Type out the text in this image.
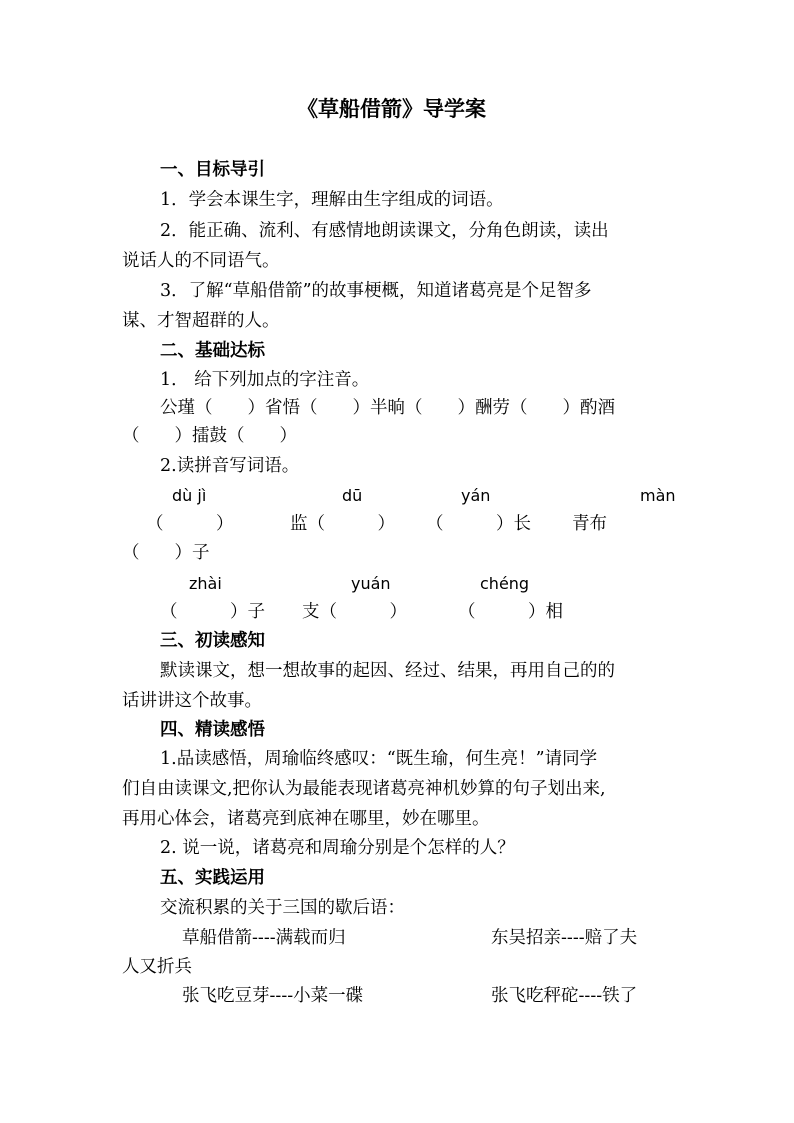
《草船借箭》导学案
一、目标导引
1．学会本课生字，理解由生字组成的词语。
2．能正确、流利、有感情地朗读课文，分角色朗读，读出
说话人的不同语气。
3．了解“草船借箭”的故事梗概，知道诸葛亮是个足智多
谋、才智超群的人。
二、基础达标
1． 给下列加点的字注音。
公瑾（　　）省悟（　　）半晌（　　）酬劳（　　）酌酒
（　　）擂鼓（　　）
2.读拼音写词语。
dù jì	dū	yán	màn
（　　　）	监（　　　） （　　　）长 青布
（　　）子
zhài	yuán	chéng
（　　　）子 支（　　　）	（　　　）相
三、初读感知
默读课文，想一想故事的起因、经过、结果，再用自己的的
话讲讲这个故事。
四、精读感悟
1.品读感悟，周瑜临终感叹：“既生瑜，何生亮！”请同学
们自由读课文,把你认为最能表现诸葛亮神机妙算的句子划出来,
再用心体会，诸葛亮到底神在哪里，妙在哪里。
2. 说一说，诸葛亮和周瑜分别是个怎样的人？
五、实践运用
交流积累的关于三国的歇后语：
草船借箭----满载而归	东吴招亲----赔了夫
人又折兵
张飞吃豆芽----小菜一碟	张飞吃秤砣----铁了
